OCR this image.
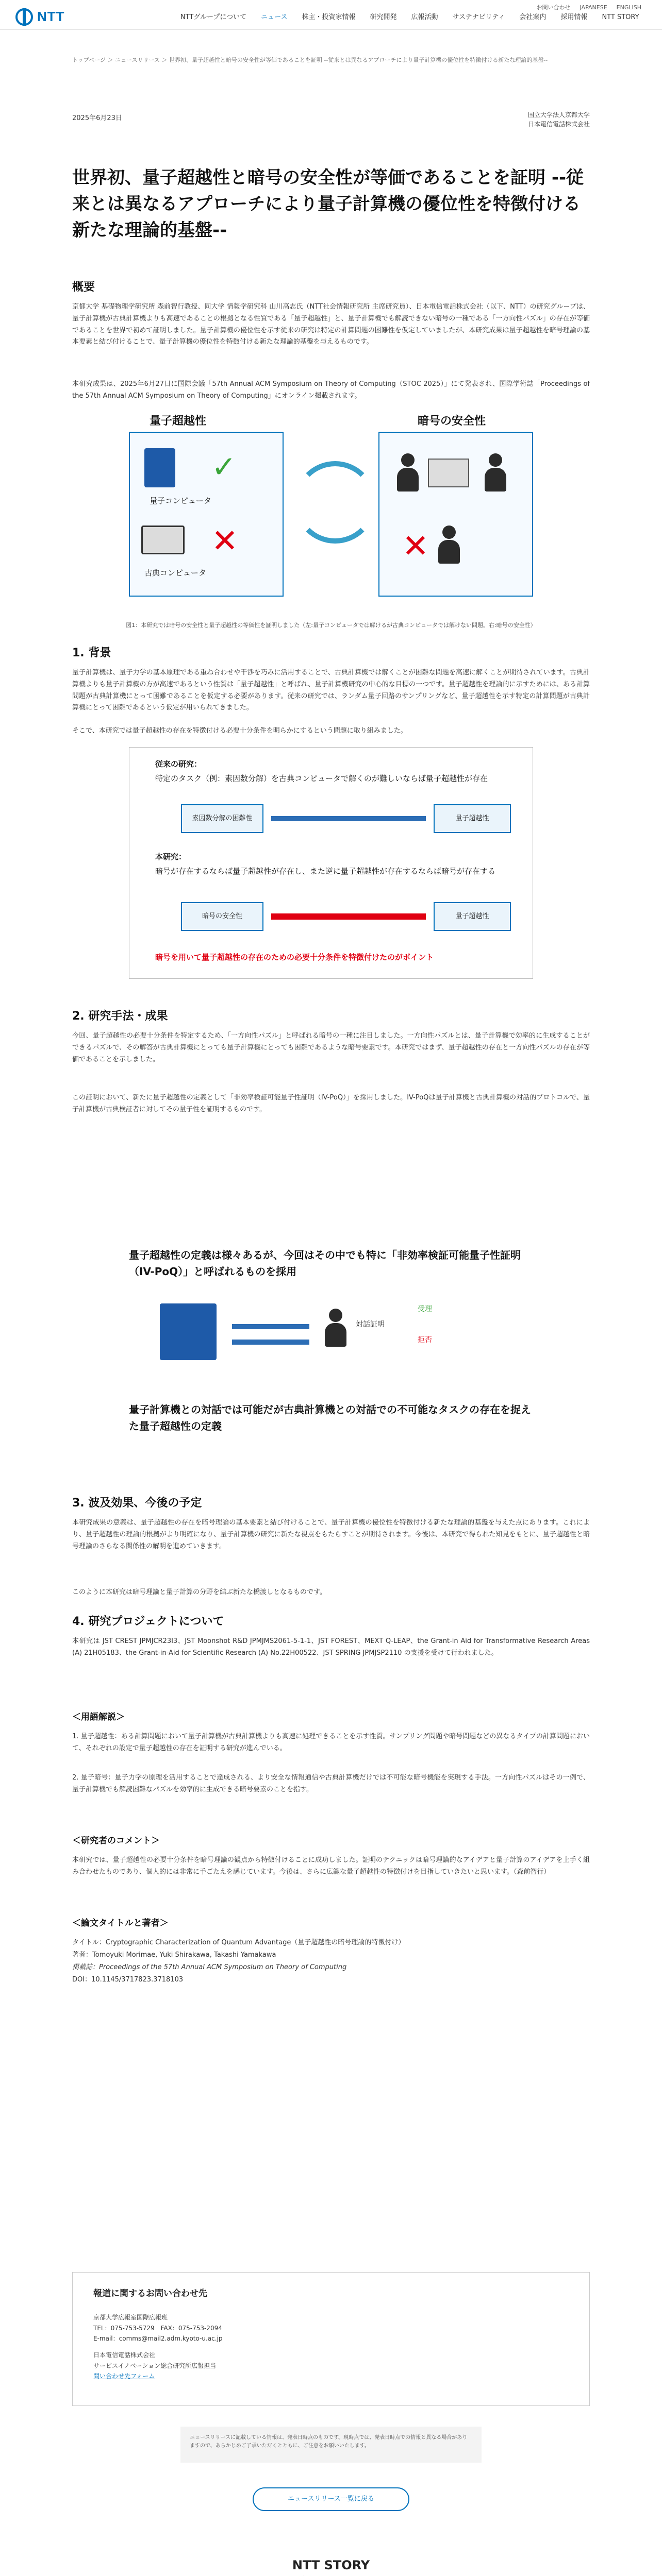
NTT
お問い合わせ JAPANESE ENGLISH
NTTグループについて ニュース 株主・投資家情報 研究開発 広報活動 サステナビリティ 会社案内 採用情報 NTT STORY
トップページ ＞ ニュースリリース ＞ 世界初、量子超越性と暗号の安全性が等価であることを証明 --従来とは異なるアプローチにより量子計算機の優位性を特徴付ける新たな理論的基盤--
2025年6月23日	国立大学法人京都大学
日本電信電話株式会社
世界初、量子超越性と暗号の安全性が等価であることを証明 --従来とは異なるアプローチにより量子計算機の優位性を特徴付ける新たな理論的基盤--
概要

京都大学 基礎物理学研究所 森前智行教授、同大学 情報学研究科 山川高志氏（NTT社会情報研究所 主席研究員）、日本電信電話株式会社（以下、NTT）の研究グループは、量子計算機が古典計算機よりも高速であることの根拠となる性質である「量子超越性」と、量子計算機でも解読できない暗号の一種である「一方向性パズル」の存在が等価であることを世界で初めて証明しました。量子計算機の優位性を示す従来の研究は特定の計算問題の困難性を仮定していましたが、本研究成果は量子超越性を暗号理論の基本要素と結び付けることで、量子計算機の優位性を特徴付ける新たな理論的基盤を与えるものです。

本研究成果は、2025年6月27日に国際会議「57th Annual ACM Symposium on Theory of Computing（STOC 2025）」にて発表され、国際学術誌「Proceedings of the 57th Annual ACM Symposium on Theory of Computing」にオンライン掲載されます。

量子超越性	暗号の安全性
✓
量子コンピュータ
✕
古典コンピュータ
✕
図1：本研究では暗号の安全性と量子超越性の等価性を証明しました（左:量子コンピュータでは解けるが古典コンピュータでは解けない問題。右:暗号の安全性）
1. 背景

量子計算機は、量子力学の基本原理である重ね合わせや干渉を巧みに活用することで、古典計算機では解くことが困難な問題を高速に解くことが期待されています。古典計算機よりも量子計算機の方が高速であるという性質は「量子超越性」と呼ばれ、量子計算機研究の中心的な目標の一つです。量子超越性を理論的に示すためには、ある計算問題が古典計算機にとって困難であることを仮定する必要があります。従来の研究では、ランダム量子回路のサンプリングなど、量子超越性を示す特定の計算問題が古典計算機にとって困難であるという仮定が用いられてきました。

そこで、本研究では量子超越性の存在を特徴付ける必要十分条件を明らかにするという問題に取り組みました。

従来の研究：
特定のタスク（例：素因数分解）を古典コンピュータで解くのが難しいならば量子超越性が存在
素因数分解の困難性	量子超越性
本研究：
暗号が存在するならば量子超越性が存在し、また逆に量子超越性が存在するならば暗号が存在する
暗号の安全性	量子超越性
暗号を用いて量子超越性の存在のための必要十分条件を特徴付けたのがポイント
2. 研究手法・成果

今回、量子超越性の必要十分条件を特定するため、「一方向性パズル」と呼ばれる暗号の一種に注目しました。一方向性パズルとは、量子計算機で効率的に生成することができるパズルで、その解答が古典計算機にとっても量子計算機にとっても困難であるような暗号要素です。本研究ではまず、量子超越性の存在と一方向性パズルの存在が等価であることを示しました。

この証明において、新たに量子超越性の定義として「非効率検証可能量子性証明（IV-PoQ）」を採用しました。IV-PoQは量子計算機と古典計算機の対話的プロトコルで、量子計算機が古典検証者に対してその量子性を証明するものです。

量子超越性の定義は様々あるが、今回はその中でも特に「非効率検証可能量子性証明（IV-PoQ）」と呼ばれるものを採用
対話証明
受理
拒否
量子計算機との対話では可能だが古典計算機との対話での不可能なタスクの存在を捉えた量子超越性の定義
3. 波及効果、今後の予定

本研究成果の意義は、量子超越性の存在を暗号理論の基本要素と結び付けることで、量子計算機の優位性を特徴付ける新たな理論的基盤を与えた点にあります。これにより、量子超越性の理論的根拠がより明確になり、量子計算機の研究に新たな視点をもたらすことが期待されます。今後は、本研究で得られた知見をもとに、量子超越性と暗号理論のさらなる関係性の解明を進めていきます。

このように本研究は暗号理論と量子計算の分野を結ぶ新たな橋渡しとなるものです。

4. 研究プロジェクトについて

本研究は JST CREST JPMJCR23I3、JST Moonshot R&D JPMJMS2061-5-1-1、JST FOREST、MEXT Q-LEAP、the Grant-in Aid for Transformative Research Areas (A) 21H05183、the Grant-in-Aid for Scientific Research (A) No.22H00522、JST SPRING JPMJSP2110 の支援を受けて行われました。

＜用語解説＞

1. 量子超越性：ある計算問題において量子計算機が古典計算機よりも高速に処理できることを示す性質。サンプリング問題や暗号問題などの異なるタイプの計算問題において、それぞれの設定で量子超越性の存在を証明する研究が進んでいる。

2. 量子暗号：量子力学の原理を活用することで達成される、より安全な情報通信や古典計算機だけでは不可能な暗号機能を実現する手法。一方向性パズルはその一例で、量子計算機でも解読困難なパズルを効率的に生成できる暗号要素のことを指す。

＜研究者のコメント＞

本研究では、量子超越性の必要十分条件を暗号理論の観点から特徴付けることに成功しました。証明のテクニックは暗号理論的なアイデアと量子計算のアイデアを上手く組み合わせたものであり、個人的には非常に手ごたえを感じています。今後は、さらに広範な量子超越性の特徴付けを目指していきたいと思います。（森前智行）

＜論文タイトルと著者＞

タイトル：Cryptographic Characterization of Quantum Advantage（量子超越性の暗号理論的特徴付け）

著者：Tomoyuki Morimae, Yuki Shirakawa, Takashi Yamakawa

掲載誌：Proceedings of the 57th Annual ACM Symposium on Theory of Computing

DOI：10.1145/3717823.3718103

報道に関するお問い合わせ先

京都大学広報室国際広報班

TEL：075-753-5729　FAX：075-753-2094

E-mail：comms@mail2.adm.kyoto-u.ac.jp

日本電信電話株式会社

サービスイノベーション総合研究所広報担当

問い合わせ先フォーム

ニュースリリースに記載している情報は、発表日時点のものです。現時点では、発表日時点での情報と異なる場合がありますので、あらかじめご了承いただくとともに、ご注意をお願いいたします。
ニュースリリース一覧に戻る
NTT STORY
